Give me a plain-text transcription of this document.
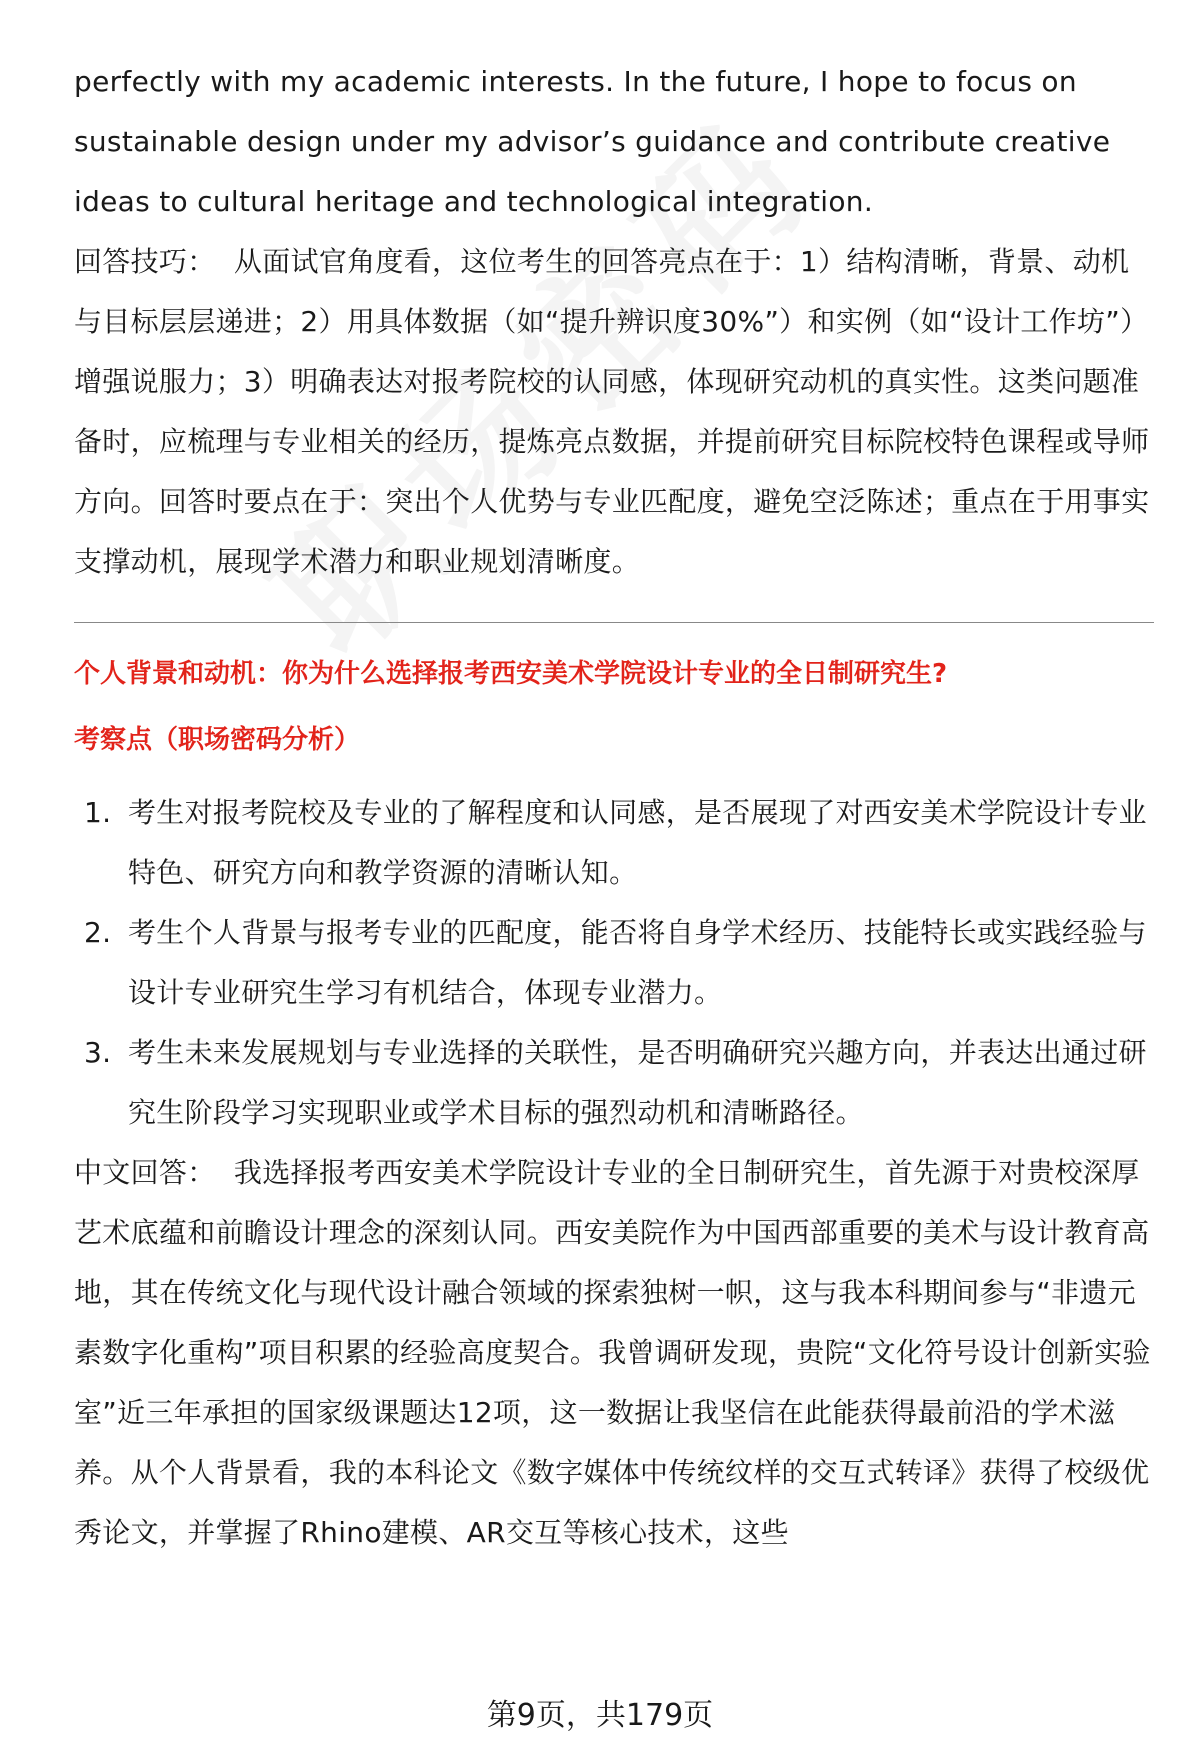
perfectly with my academic interests. In the future, I hope to focus on sustainable design under my advisor’s guidance and contribute creative ideas to cultural heritage and technological integration.

回答技巧： 从面试官角度看，这位考生的回答亮点在于：1）结构清晰，背景、动机与目标层层递进；2）用具体数据（如“提升辨识度30%”）和实例（如“设计工作坊”）增强说服力；3）明确表达对报考院校的认同感，体现研究动机的真实性。这类问题准备时，应梳理与专业相关的经历，提炼亮点数据，并提前研究目标院校特色课程或导师方向。回答时要点在于：突出个人优势与专业匹配度，避免空泛陈述；重点在于用事实支撑动机，展现学术潜力和职业规划清晰度。

个人背景和动机：你为什么选择报考西安美术学院设计专业的全日制研究生?

考察点（职场密码分析）

1. 考生对报考院校及专业的了解程度和认同感，是否展现了对西安美术学院设计专业特色、研究方向和教学资源的清晰认知。
2. 考生个人背景与报考专业的匹配度，能否将自身学术经历、技能特长或实践经验与设计专业研究生学习有机结合，体现专业潜力。
3. 考生未来发展规划与专业选择的关联性，是否明确研究兴趣方向，并表达出通过研究生阶段学习实现职业或学术目标的强烈动机和清晰路径。

中文回答： 我选择报考西安美术学院设计专业的全日制研究生，首先源于对贵校深厚艺术底蕴和前瞻设计理念的深刻认同。西安美院作为中国西部重要的美术与设计教育高地，其在传统文化与现代设计融合领域的探索独树一帜，这与我本科期间参与“非遗元素数字化重构”项目积累的经验高度契合。我曾调研发现，贵院“文化符号设计创新实验室”近三年承担的国家级课题达12项，这一数据让我坚信在此能获得最前沿的学术滋养。从个人背景看，我的本科论文《数字媒体中传统纹样的交互式转译》获得了校级优秀论文，并掌握了Rhino建模、AR交互等核心技术，这些

第9页，共179页
